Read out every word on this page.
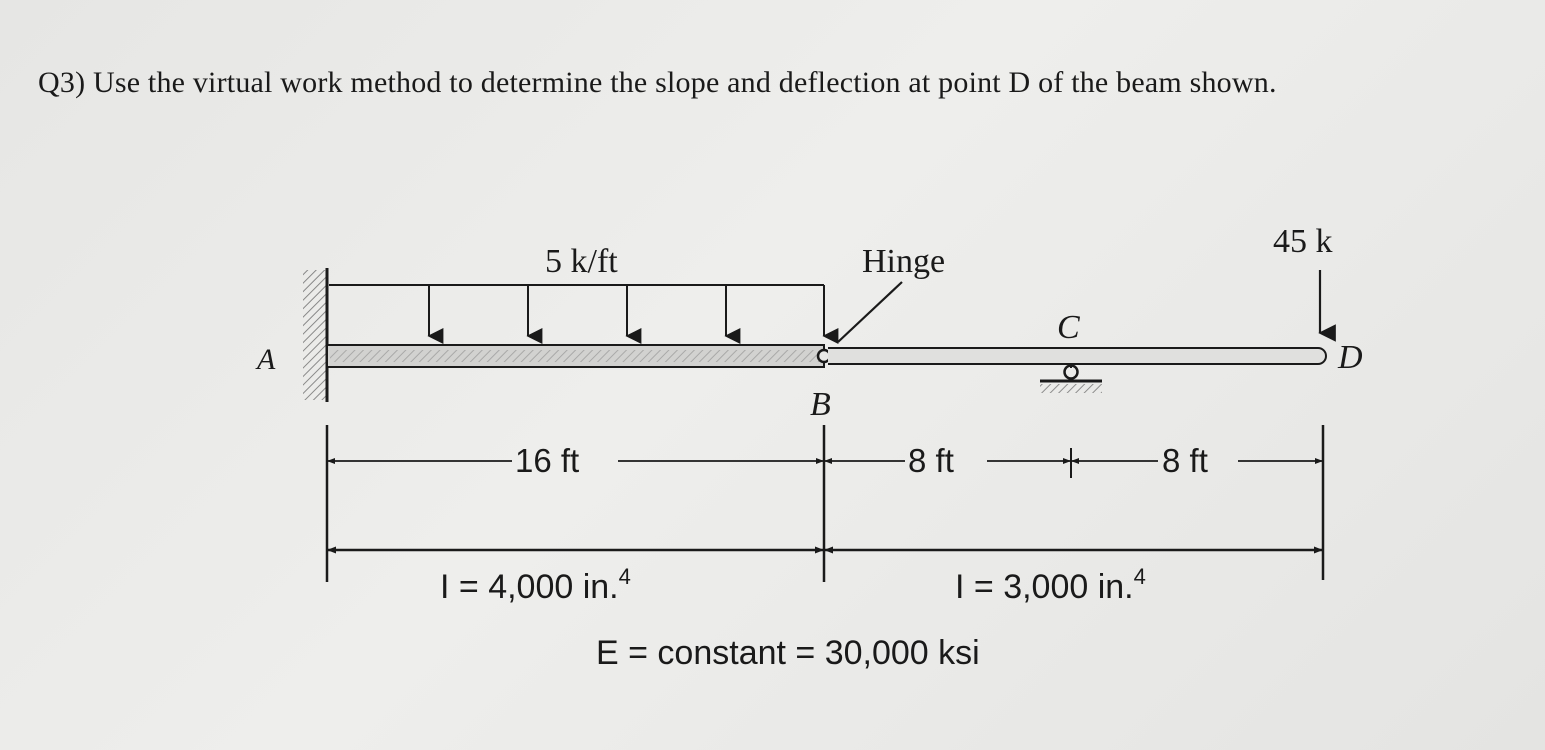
Q3) Use the virtual work method to determine the slope and deflection at point D of the beam shown.
A
C
B
D
5 k/ft	Hinge
45 k
16 ft	8 ft	8 ft
I = 4,000 in.$^4$	I = 3,000 in.$^4$
E = constant = 30,000 ksi
